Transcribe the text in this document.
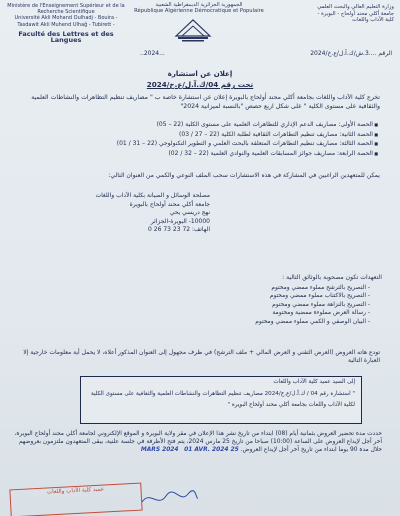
Ministère de l'Enseignement Supérieur et de la Recherche Scientifique
Université Akli Mohand Oulhadj - Bouira -
Tasdawit Akli Muhend Ulhağ - Tubirett -
Faculté des Lettres et des Langues
الجمهورية الجزائرية الديمقراطية الشعبية
République Algérienne Démocratique et Populaire
وزارة التعليم العالي والبحث العلمي
جامعة أكلي محند أولحاج - البويرة -
كلية الآداب واللغات
الرقم ....3.ش/ك.آ.ل/ع.خ/2024
..2024...
إعلان عن استشارة
تحت رقم 04/ك.آ.ل/ع.خ/2024
تخرج كلية الآداب واللغات بجامعة أكلي محند أولحاج بالبويرة إعلان عن استشارة خاصة ب " مصاريف تنظيم التظاهرات والنشاطات العلمية والثقافية على مستوى الكلية " على شكل اربع حصص "بالنسبة لميزانية 2024"
■ الحصة الأولى: مصاريف الدعم الإداري للتظاهرات العلمية على مستوى الكلية (22 – 05)
■ الحصة الثانية: مصاريف تنظيم التظاهرات الثقافية لطلبة الكلية (22 – 27 / 03)
■ الحصة الثالثة: مصاريف تنظيم التظاهرات المتعلقة بالبحث العلمي و التطوير التكنولوجي (22 – 31 / 01)
■ الحصة الرابعة: مصاريف جوائز المسابقات العلمية والنوادي العلمية (22 – 32 / 02)
يمكن للمتعهدين الراغبين في المشاركة في هذه الاستشارات سحب الملف النوعي والكمي من العنوان التالي:
مصلحة الوسائل و الصيانة بكلية الآداب واللغات
جامعة أكلي محند أولحاج بالبويرة
نهج دريسي يحي
10000- البويرة-الجزائر
الهاتف: 72 23 73 26 0
التعهدات تكون مصحوبة بالوثائق التالية :
- التصريح بالترشح مملوء ممضي ومختوم
- التصريح بالاكتتاب مملوء ممضي ومختوم
- التصريح بالنزاهة مملوء ممضي ومختوم
- رسالة العرض مملوءة ممضية ومختومة
- البيان الوصفي و الكمي مملوء ممضي ومختوم
تودع هاته العروض (العرض التقني و العرض المالي + ملف الترشح) في ظرف مجهول إلى العنوان المذكور أعلاه، لا يحمل أية معلومات خارجية إلا العبارة التالية
إلى السيد عميد كلية الآداب واللغات
" استشارة رقم 04 / ك.آ.ل/ع.خ/2024 مصاريف تنظيم التظاهرات والنشاطات العلمية والثقافية على مستوى الكلية
لكلية الآداب واللغات بجامعة أكلي محند أولحاج البويرة "
حددت مدة تحضير العروض بثمانية أيام (08) ابتداء من تاريخ نشر هذا الإعلان في مقر ولاية البويرة و الموقع الإلكتروني لجامعة أكلي محند أولحاج البويرة، آخر أجل لإيداع العروض على الساعة (10:00) صباحا من تاريخ 25 مارس 2024، يتم فتح الأظرفة في جلسة علنية، يبقى المتعهدون ملتزمون بعروضهم خلال مدة 90 يوما ابتداء من تاريخ آخر أجل لإيداع العروض. 25 MARS 2024   01 AVR. 2024
عميد كلية الآداب واللغات
